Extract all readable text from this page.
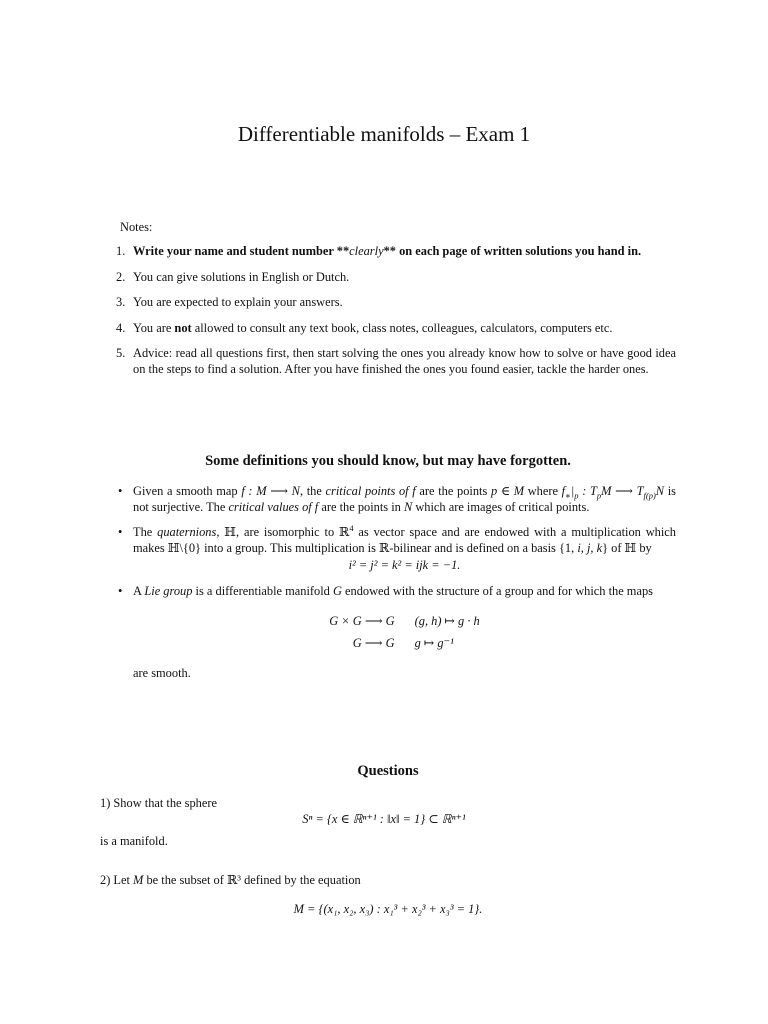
Differentiable manifolds – Exam 1
Notes:
1. Write your name and student number **clearly** on each page of written solutions you hand in.
2. You can give solutions in English or Dutch.
3. You are expected to explain your answers.
4. You are not allowed to consult any text book, class notes, colleagues, calculators, computers etc.
5. Advice: read all questions first, then start solving the ones you already know how to solve or have good idea on the steps to find a solution. After you have finished the ones you found easier, tackle the harder ones.
Some definitions you should know, but may have forgotten.
• Given a smooth map f : M ⟶ N, the critical points of f are the points p ∈ M where $f_∗|_p$ : $T_pM$ ⟶ $T_{f(p)}N$ is not surjective. The critical values of f are the points in N which are images of critical points.
• The quaternions, ℍ, are isomorphic to ℝ$^4$ as vector space and are endowed with a multiplication which makes ℍ\{0} into a group. This multiplication is ℝ-bilinear and is defined on a basis {1, i, j, k} of ℍ by
i² = j² = k² = ijk = −1.
• A Lie group is a differentiable manifold G endowed with the structure of a group and for which the maps
G × G ⟶ G	(g, h) ↦ g · h
G ⟶ G	g ↦ g⁻¹
are smooth.
Questions
1) Show that the sphere
Sⁿ = {x ∈ ℝⁿ⁺¹ : ‖x‖ = 1} ⊂ ℝⁿ⁺¹
is a manifold.
2) Let M be the subset of ℝ³ defined by the equation
M = {(x₁, x₂, x₃) : x₁³ + x₂³ + x₃³ = 1}.
